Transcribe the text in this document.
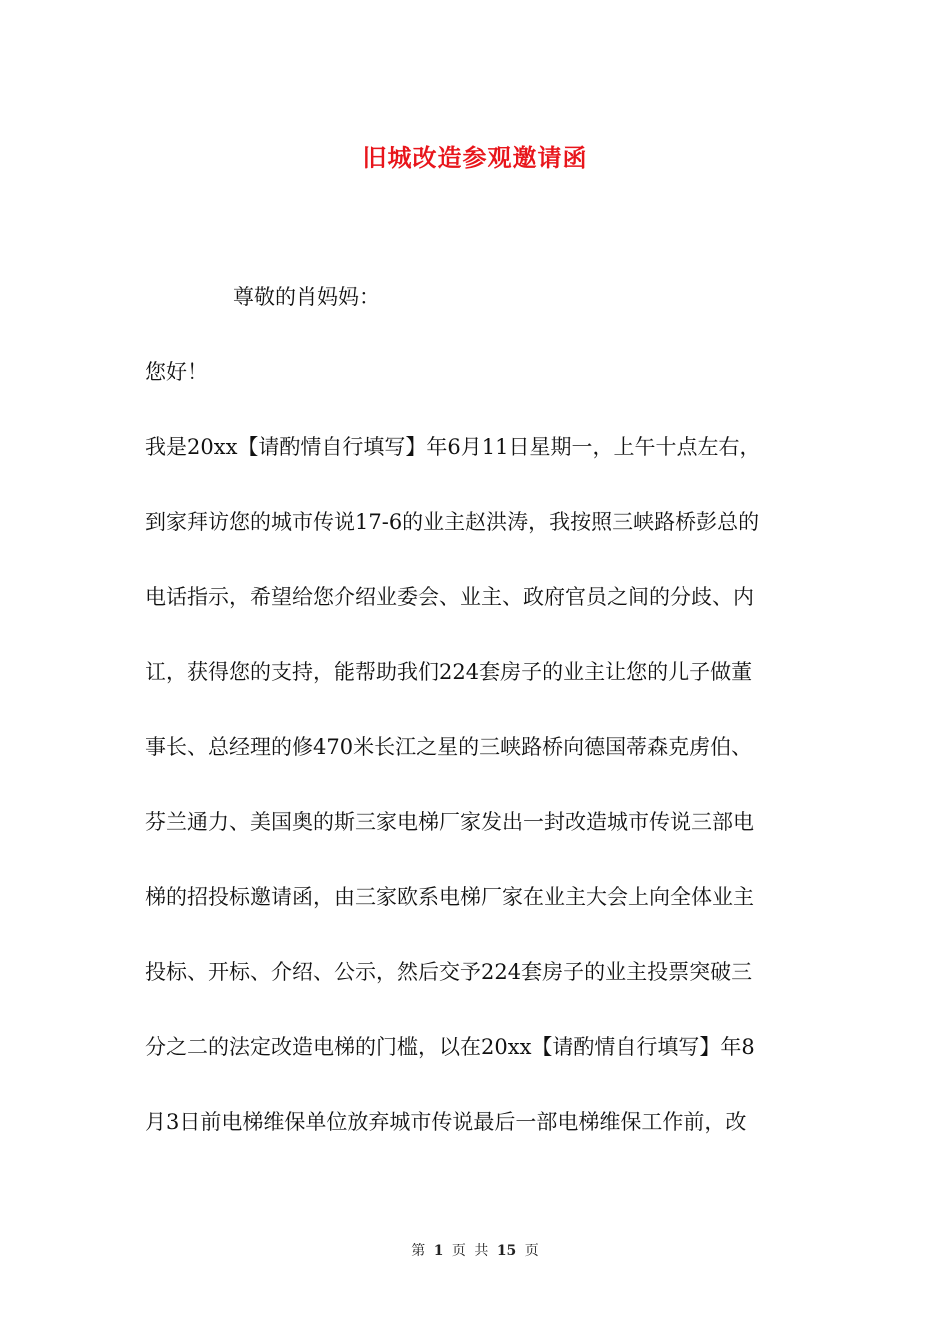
旧城改造参观邀请函
尊敬的肖妈妈：
您好！
我是20xx【请酌情自行填写】年6月11日星期一，上午十点左右，
到家拜访您的城市传说17-6的业主赵洪涛，我按照三峡路桥彭总的
电话指示，希望给您介绍业委会、业主、政府官员之间的分歧、内
讧，获得您的支持，能帮助我们224套房子的业主让您的儿子做董
事长、总经理的修470米长江之星的三峡路桥向德国蒂森克虏伯、
芬兰通力、美国奥的斯三家电梯厂家发出一封改造城市传说三部电
梯的招投标邀请函，由三家欧系电梯厂家在业主大会上向全体业主
投标、开标、介绍、公示，然后交予224套房子的业主投票突破三
分之二的法定改造电梯的门槛，以在20xx【请酌情自行填写】年8
月3日前电梯维保单位放弃城市传说最后一部电梯维保工作前，改
第 1 页 共 15 页
